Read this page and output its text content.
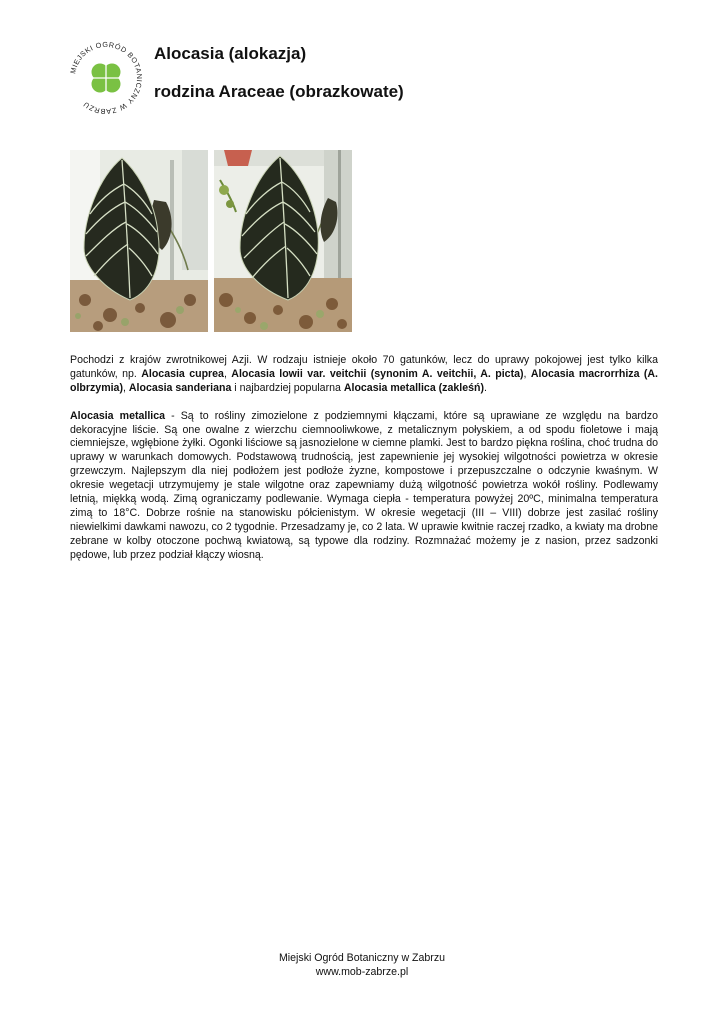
MIEJSKI OGRÓD BOTANICZNY W ZABRZU

Alocasia (alokazja)

rodzina Araceae (obrazkowate)

Pochodzi z krajów zwrotnikowej Azji. W rodzaju istnieje około 70 gatunków, lecz do uprawy pokojowej jest tylko kilka gatunków, np. Alocasia cuprea, Alocasia lowii var. veitchii (synonim A. veitchii, A. picta), Alocasia macrorrhiza (A. olbrzymia), Alocasia sanderiana i najbardziej popularna Alocasia metallica (zakleśń).

Alocasia metallica - Są to rośliny zimozielone z podziemnymi kłączami, które są uprawiane ze względu na bardzo dekoracyjne liście. Są one owalne z wierzchu ciemnooliwkowe, z metalicznym połyskiem, a od spodu fioletowe i mają ciemniejsze, wgłębione żyłki. Ogonki liściowe są jasnozielone w ciemne plamki. Jest to bardzo piękna roślina, choć trudna do uprawy w warunkach domowych. Podstawową trudnością, jest zapewnienie jej wysokiej wilgotności powietrza w okresie grzewczym. Najlepszym dla niej podłożem jest podłoże żyzne, kompostowe i przepuszczalne o odczynie kwaśnym. W okresie wegetacji utrzymujemy je stale wilgotne oraz zapewniamy dużą wilgotność powietrza wokół rośliny. Podlewamy letnią, miękką wodą. Zimą ograniczamy podlewanie. Wymaga ciepła - temperatura powyżej 20ºC, minimalna temperatura zimą to 18°C. Dobrze rośnie na stanowisku półcienistym. W okresie wegetacji (III – VIII) dobrze jest zasilać rośliny niewielkimi dawkami nawozu, co 2 tygodnie. Przesadzamy je, co 2 lata. W uprawie kwitnie raczej rzadko, a kwiaty ma drobne zebrane w kolby otoczone pochwą kwiatową, są typowe dla rodziny. Rozmnażać możemy je z nasion, przez sadzonki pędowe, lub przez podział kłączy wiosną.

Miejski Ogród Botaniczny w Zabrzu
www.mob-zabrze.pl
